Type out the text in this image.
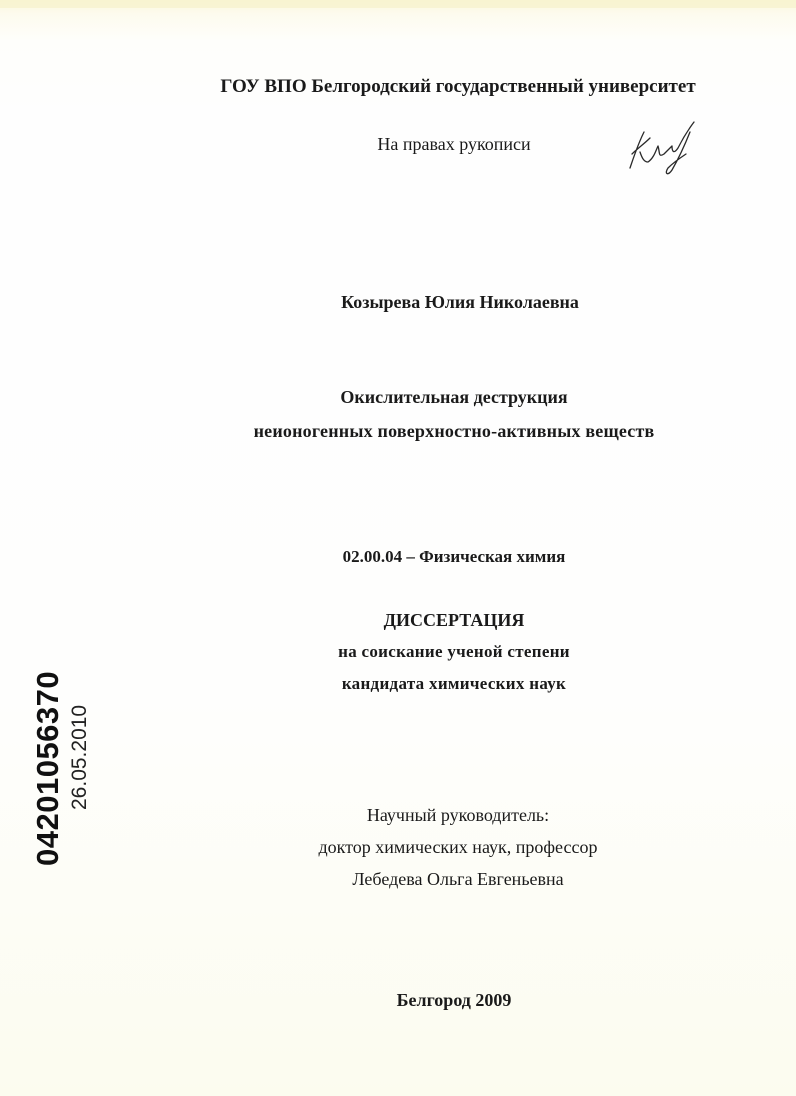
ГОУ ВПО Белгородский государственный университет
На правах рукописи
Козырева Юлия Николаевна
Окислительная деструкция
неионогенных поверхностно-активных веществ
02.00.04 – Физическая химия
ДИССЕРТАЦИЯ
на соискание ученой степени
кандидата химических наук
Научный руководитель:
доктор химических наук, профессор
Лебедева Ольга Евгеньевна
Белгород 2009
04201056370 26.05.2010
